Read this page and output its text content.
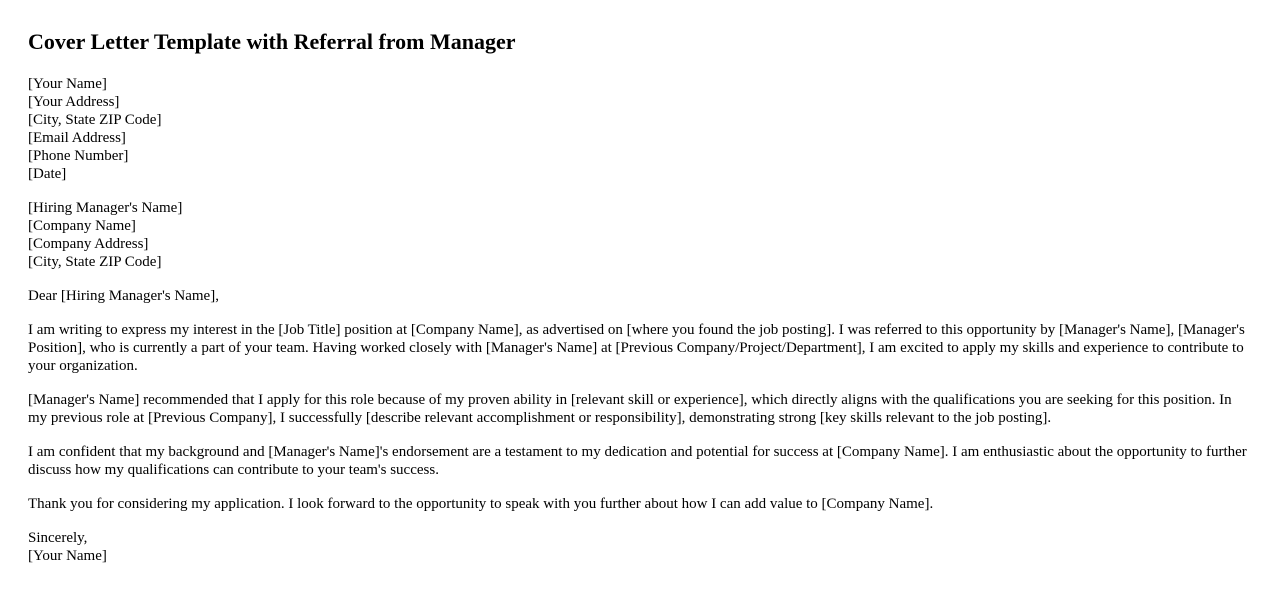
Cover Letter Template with Referral from Manager
[Your Name]
[Your Address]
[City, State ZIP Code]
[Email Address]
[Phone Number]
[Date]
[Hiring Manager's Name]
[Company Name]
[Company Address]
[City, State ZIP Code]

Dear [Hiring Manager's Name],

I am writing to express my interest in the [Job Title] position at [Company Name], as advertised on [where you found the job posting]. I was referred to this opportunity by [Manager's Name], [Manager's Position], who is currently a part of your team. Having worked closely with [Manager's Name] at [Previous Company/Project/Department], I am excited to apply my skills and experience to contribute to your organization.

[Manager's Name] recommended that I apply for this role because of my proven ability in [relevant skill or experience], which directly aligns with the qualifications you are seeking for this position. In my previous role at [Previous Company], I successfully [describe relevant accomplishment or responsibility], demonstrating strong [key skills relevant to the job posting].

I am confident that my background and [Manager's Name]'s endorsement are a testament to my dedication and potential for success at [Company Name]. I am enthusiastic about the opportunity to further discuss how my qualifications can contribute to your team's success.

Thank you for considering my application. I look forward to the opportunity to speak with you further about how I can add value to [Company Name].

Sincerely,
[Your Name]
